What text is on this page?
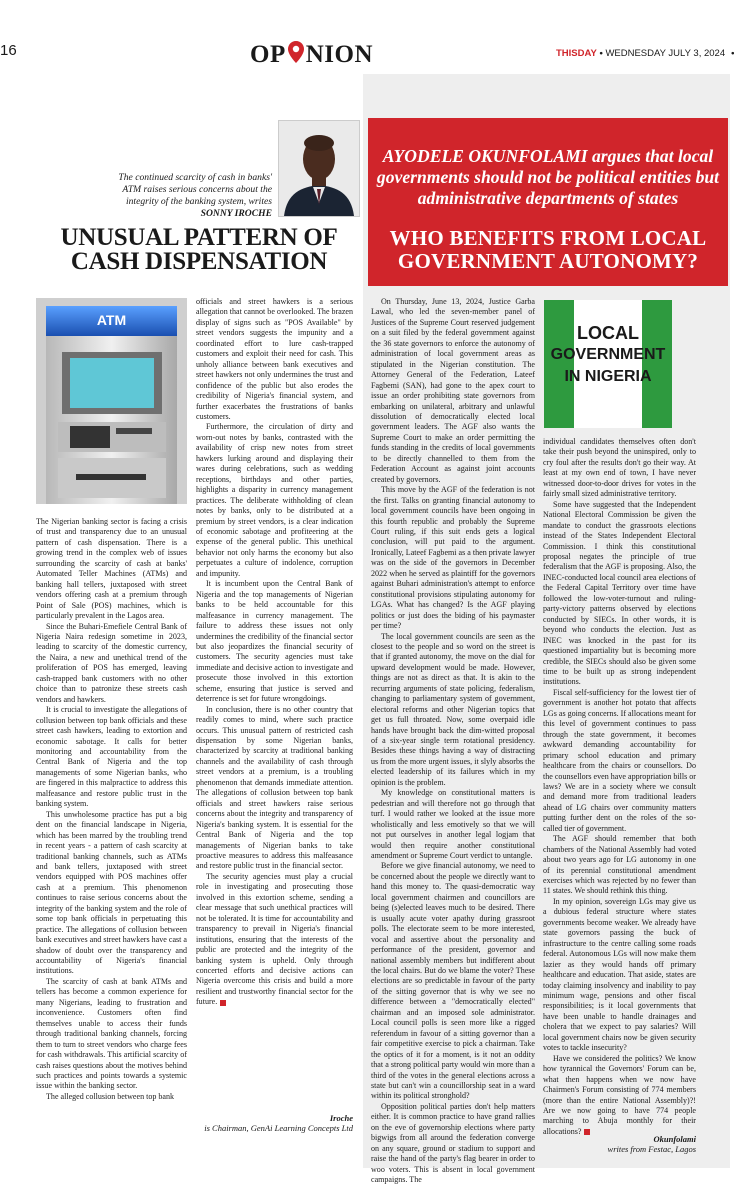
16	OP NION	THISDAY • WEDNESDAY JULY 3, 2024
The continued scarcity of cash in banks' ATM raises serious concerns about the integrity of the banking system, writes SONNY IROCHE
UNUSUAL PATTERN OF
CASH DISPENSATION
ATM

The Nigerian banking sector is facing a crisis of trust and transparency due to an unusual pattern of cash dispensation. There is a growing trend in the complex web of issues surrounding the scarcity of cash at banks' Automated Teller Machines (ATMs) and banking hall tellers, juxtaposed with street vendors offering cash at a premium through Point of Sale (POS) machines, which is particularly prevalent in the Lagos area.

Since the Buhari-Emefiele Central Bank of Nigeria Naira redesign sometime in 2023, leading to scarcity of the domestic currency, the Naira, a new and unethical trend of the proliferation of POS has emerged, leaving cash-trapped bank customers with no other choice than to patronize these streets cash vendors and hawkers.

It is crucial to investigate the allegations of collusion between top bank officials and these street cash hawkers, leading to extortion and economic sabotage. It calls for better monitoring and accountability from the Central Bank of Nigeria and the top managements of some Nigerian banks, who are fingered in this malpractice to address this malfeasance and restore public trust in the banking system.

This unwholesome practice has put a big dent on the financial landscape in Nigeria, which has been marred by the troubling trend in recent years - a pattern of cash scarcity at traditional banking channels, such as ATMs and bank tellers, juxtaposed with street vendors equipped with POS machines offer cash at a premium. This phenomenon continues to raise serious concerns about the integrity of the banking system and the role of some top bank officials in perpetuating this practice. The allegations of collusion between bank executives and street hawkers have cast a shadow of doubt over the transparency and accountability of Nigeria's financial institutions.

The scarcity of cash at bank ATMs and tellers has become a common experience for many Nigerians, leading to frustration and inconvenience. Customers often find themselves unable to access their funds through traditional banking channels, forcing them to turn to street vendors who charge fees for cash withdrawals. This artificial scarcity of cash raises questions about the motives behind such practices and points towards a systemic issue within the banking sector.

The alleged collusion between top bank

officials and street hawkers is a serious allegation that cannot be overlooked. The brazen display of signs such as "POS Available" by street vendors suggests the impunity and a coordinated effort to lure cash-trapped customers and exploit their need for cash. This unholy alliance between bank executives and street hawkers not only undermines the trust and confidence of the public but also erodes the credibility of Nigeria's financial system, and further exacerbates the frustrations of banks customers.

Furthermore, the circulation of dirty and worn-out notes by banks, contrasted with the availability of crisp new notes from street hawkers lurking around and displaying their wares during celebrations, such as wedding receptions, birthdays and other parties, highlights a disparity in currency management practices. The deliberate withholding of clean notes by banks, only to be distributed at a premium by street vendors, is a clear indication of economic sabotage and profiteering at the expense of the general public. This unethical behavior not only harms the economy but also perpetuates a culture of indolence, corruption and impunity.

It is incumbent upon the Central Bank of Nigeria and the top managements of Nigerian banks to be held accountable for this malfeasance in currency management. The failure to address these issues not only undermines the credibility of the financial sector but also jeopardizes the financial security of customers. The security agencies must take immediate and decisive action to investigate and prosecute those involved in this extortion scheme, ensuring that justice is served and deterrence is set for future wrongdoings.

In conclusion, there is no other country that readily comes to mind, where such practice occurs. This unusual pattern of restricted cash dispensation by some Nigerian banks, characterized by scarcity at traditional banking channels and the availability of cash through street vendors at a premium, is a troubling phenomenon that demands immediate attention. The allegations of collusion between top bank officials and street hawkers raise serious concerns about the integrity and transparency of Nigeria's banking system. It is essential for the Central Bank of Nigeria and the top managements of Nigerian banks to take proactive measures to address this malfeasance and restore public trust in the financial sector.

The security agencies must play a crucial role in investigating and prosecuting those involved in this extortion scheme, sending a clear message that such unethical practices will not be tolerated. It is time for accountability and transparency to prevail in Nigeria's financial institutions, ensuring that the interests of the public are protected and the integrity of the banking system is upheld. Only through concerted efforts and decisive actions can Nigeria overcome this crisis and build a more resilient and trustworthy financial sector for the future.

Iroche
is Chairman, GenAi Learning Concepts Ltd
AYODELE OKUNFOLAMI argues that local governments should not be political entities but administrative departments of states
WHO BENEFITS FROM LOCAL GOVERNMENT AUTONOMY?
LOCAL
GOVERNMENT
IN NIGERIA

On Thursday, June 13, 2024, Justice Garba Lawal, who led the seven-member panel of Justices of the Supreme Court reserved judgement on a suit filed by the federal government against the 36 state governors to enforce the autonomy of administration of local government areas as stipulated in the Nigerian constitution. The Attorney General of the Federation, Lateef Fagbemi (SAN), had gone to the apex court to issue an order prohibiting state governors from embarking on unilateral, arbitrary and unlawful dissolution of democratically elected local government leaders. The AGF also wants the Supreme Court to make an order permitting the funds standing in the credits of local governments to be directly channelled to them from the Federation Account as against joint accounts created by governors.

This move by the AGF of the federation is not the first. Talks on granting financial autonomy to local government councils have been ongoing in this fourth republic and probably the Supreme Court ruling, if this suit ends gets a logical conclusion, will put paid to the argument. Ironically, Lateef Fagbemi as a then private lawyer was on the side of the governors in December 2022 when he served as plaintiff for the governors against Buhari administration's attempt to enforce constitutional provisions stipulating autonomy for LGAs. What has changed? Is the AGF playing politics or just does the biding of his paymaster per time?

The local government councils are seen as the closest to the people and so word on the street is that if granted autonomy, the move on the dial for upward development would be made. However, things are not as direct as that. It is akin to the recurring arguments of state policing, federalism, changing to parliamentary system of government, electoral reforms and other Nigerian topics that get us full throated. Now, some overpaid idle hands have brought back the dim-witted proposal of a six-year single term rotational presidency. Besides these things having a way of distracting us from the more urgent issues, it slyly absorbs the elected leadership of its failures which in my opinion is the problem.

My knowledge on constitutional matters is pedestrian and will therefore not go through that turf. I would rather we looked at the issue more wholistically and less emotively so that we will not put ourselves in another legal logjam that would then require another constitutional amendment or Supreme Court verdict to untangle.

Before we give financial autonomy, we need to be concerned about the people we directly want to hand this money to. The quasi-democratic way local government chairmen and councillors are being (s)elected leaves much to be desired. There is usually acute voter apathy during grassroot polls. The electorate seem to be more interested, vocal and assertive about the personality and performance of the president, governor and national assembly members but indifferent about the local chairs. But do we blame the voter? These elections are so predictable in favour of the party of the sitting governor that is why we see no difference between a "democratically elected" chairman and an imposed sole administrator. Local council polls is seen more like a rigged referendum in favour of a sitting governor than a fair competitive exercise to pick a chairman. Take the optics of it for a moment, is it not an oddity that a strong political party would win more than a third of the votes in the general elections across a state but can't win a councillorship seat in a ward within its political stronghold?

Opposition political parties don't help matters either. It is common practice to have grand rallies on the eve of governorship elections where party bigwigs from all around the federation converge on any square, ground or stadium to support and raise the hand of the party's flag bearer in order to woo voters. This is absent in local government campaigns. The

individual candidates themselves often don't take their push beyond the uninspired, only to cry foul after the results don't go their way. At least at my own end of town, I have never witnessed door-to-door drives for votes in the fairly small sized administrative territory.

Some have suggested that the Independent National Electoral Commission be given the mandate to conduct the grassroots elections instead of the States Independent Electoral Commission. I think this constitutional proposal negates the principle of true federalism that the AGF is proposing. Also, the INEC-conducted local council area elections of the Federal Capital Territory over time have followed the low-voter-turnout and ruling-party-victory patterns observed by elections conducted by SIECs. In other words, it is beyond who conducts the election. Just as INEC was knocked in the past for its questioned impartiality but is becoming more credible, the SIECs should also be given some time to be built up as strong independent institutions.

Fiscal self-sufficiency for the lowest tier of government is another hot potato that affects LGs as going concerns. If allocations meant for this level of government continues to pass through the state government, it becomes awkward demanding accountability for primary school education and primary healthcare from the chairs or counsellors. Do the counsellors even have appropriation bills or laws? We are in a society where we consult and demand more from traditional leaders ahead of LG chairs over community matters putting further dent on the roles of the so-called tier of government.

The AGF should remember that both chambers of the National Assembly had voted about two years ago for LG autonomy in one of its perennial constitutional amendment exercises which was rejected by no fewer than 11 states. We should rethink this thing.

In my opinion, sovereign LGs may give us a dubious federal structure where states governments become weaker. We already have state governors passing the buck of infrastructure to the centre calling some roads federal. Autonomous LGs will now make them lazier as they would hands off primary healthcare and education. That aside, states are today claiming insolvency and inability to pay minimum wage, pensions and other fiscal responsibilities; is it local governments that have been unable to handle drainages and cholera that we expect to pay salaries? Will local government chairs now be given security votes to tackle insecurity?

Have we considered the politics? We know how tyrannical the Governors' Forum can be, what then happens when we now have Chairmen's Forum consisting of 774 members (more than the entire National Assembly)?! Are we now going to have 774 people marching to Abuja monthly for their allocations?

Okunfolami
writes from Festac, Lagos
